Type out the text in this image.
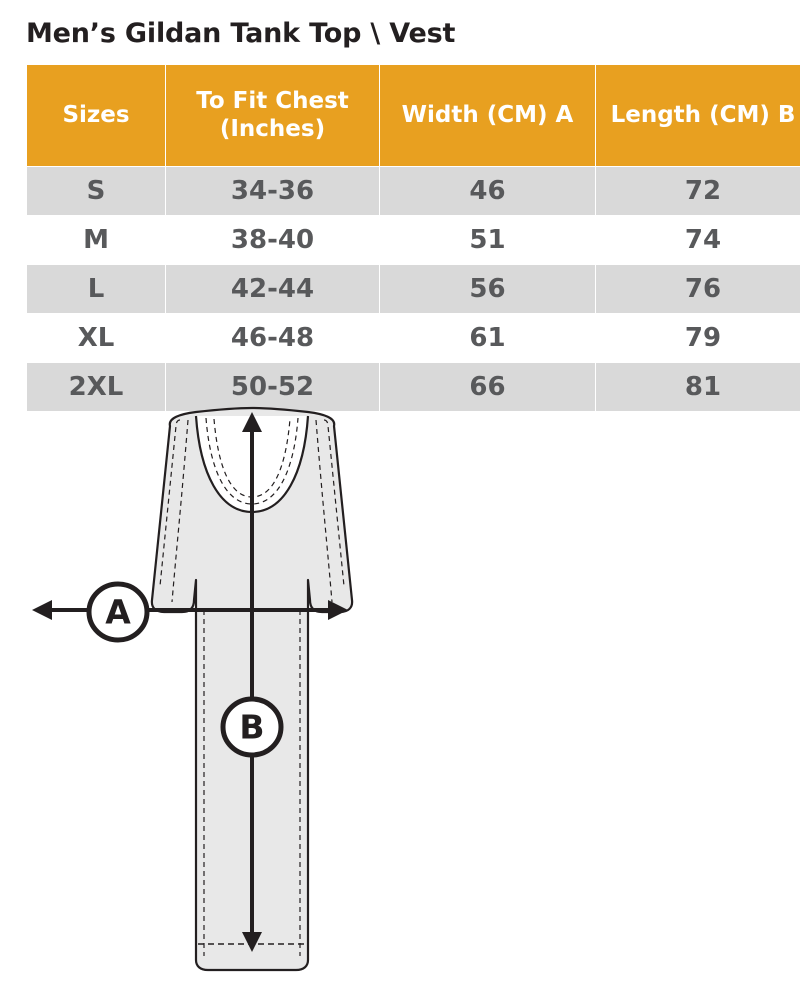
Men’s Gildan Tank Top \ Vest
Sizes	To Fit Chest (Inches)	Width (CM) A	Length (CM) B
S	34-36	46	72
M	38-40	51	74
L	42-44	56	76
XL	46-48	61	79
2XL	50-52	66	81
A
B
